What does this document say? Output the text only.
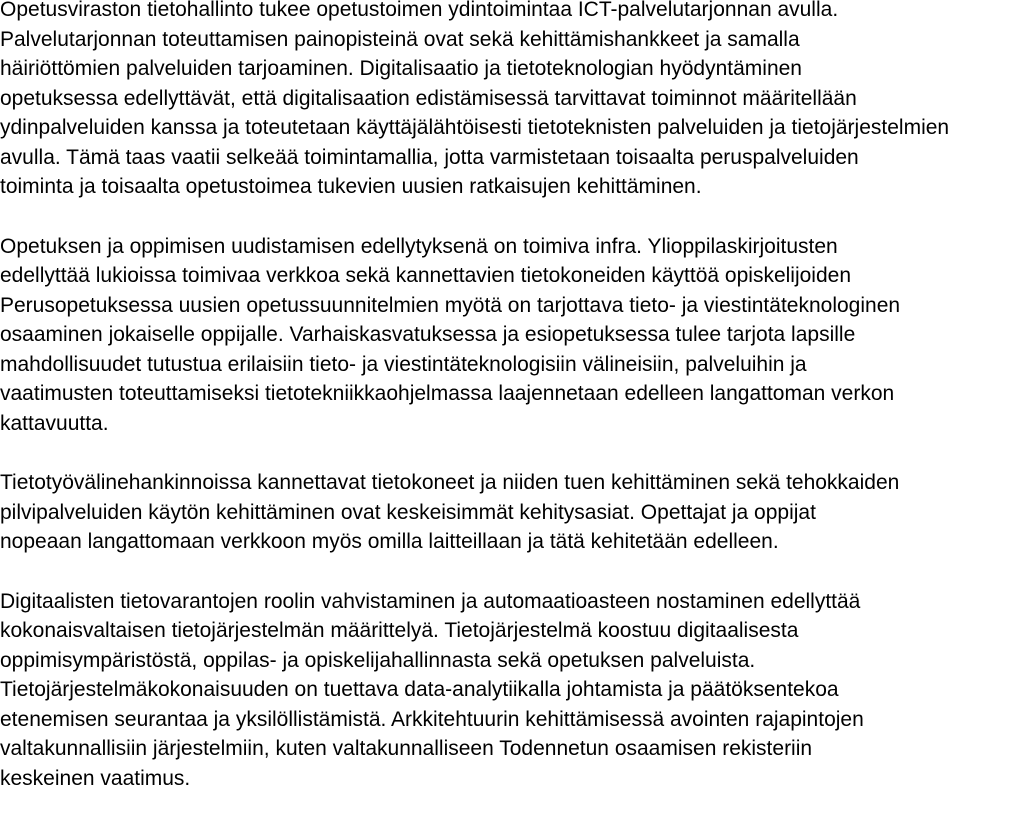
Opetusviraston tietohallinto tukee opetustoimen ydintoimintaa ICT-palvelutarjonnan avulla.
Palvelutarjonnan toteuttamisen painopisteinä ovat sekä kehittämishankkeet ja samalla
häiriöttömien palveluiden tarjoaminen. Digitalisaatio ja tietoteknologian hyödyntäminen
opetuksessa edellyttävät, että digitalisaation edistämisessä tarvittavat toiminnot määritellään
ydinpalveluiden kanssa ja toteutetaan käyttäjälähtöisesti tietoteknisten palveluiden ja tietojärjestelmien
avulla. Tämä taas vaatii selkeää toimintamallia, jotta varmistetaan toisaalta peruspalveluiden
toiminta ja toisaalta opetustoimea tukevien uusien ratkaisujen kehittäminen.
Opetuksen ja oppimisen uudistamisen edellytyksenä on toimiva infra. Ylioppilaskirjoitusten
edellyttää lukioissa toimivaa verkkoa sekä kannettavien tietokoneiden käyttöä opiskelijoiden
Perusopetuksessa uusien opetussuunnitelmien myötä on tarjottava tieto- ja viestintäteknologinen
osaaminen jokaiselle oppijalle. Varhaiskasvatuksessa ja esiopetuksessa tulee tarjota lapsille
mahdollisuudet tutustua erilaisiin tieto- ja viestintäteknologisiin välineisiin, palveluihin ja
vaatimusten toteuttamiseksi tietotekniikkaohjelmassa laajennetaan edelleen langattoman verkon
kattavuutta.
Tietotyövälinehankinnoissa kannettavat tietokoneet ja niiden tuen kehittäminen sekä tehokkaiden
pilvipalveluiden käytön kehittäminen ovat keskeisimmät kehitysasiat. Opettajat ja oppijat
nopeaan langattomaan verkkoon myös omilla laitteillaan ja tätä kehitetään edelleen.
Digitaalisten tietovarantojen roolin vahvistaminen ja automaatioasteen nostaminen edellyttää
kokonaisvaltaisen tietojärjestelmän määrittelyä. Tietojärjestelmä koostuu digitaalisesta
oppimisympäristöstä, oppilas- ja opiskelijahallinnasta sekä opetuksen palveluista.
Tietojärjestelmäkokonaisuuden on tuettava data-analytiikalla johtamista ja päätöksentekoa
etenemisen seurantaa ja yksilöllistämistä. Arkkitehtuurin kehittämisessä avointen rajapintojen
valtakunnallisiin järjestelmiin, kuten valtakunnalliseen Todennetun osaamisen rekisteriin
keskeinen vaatimus.
